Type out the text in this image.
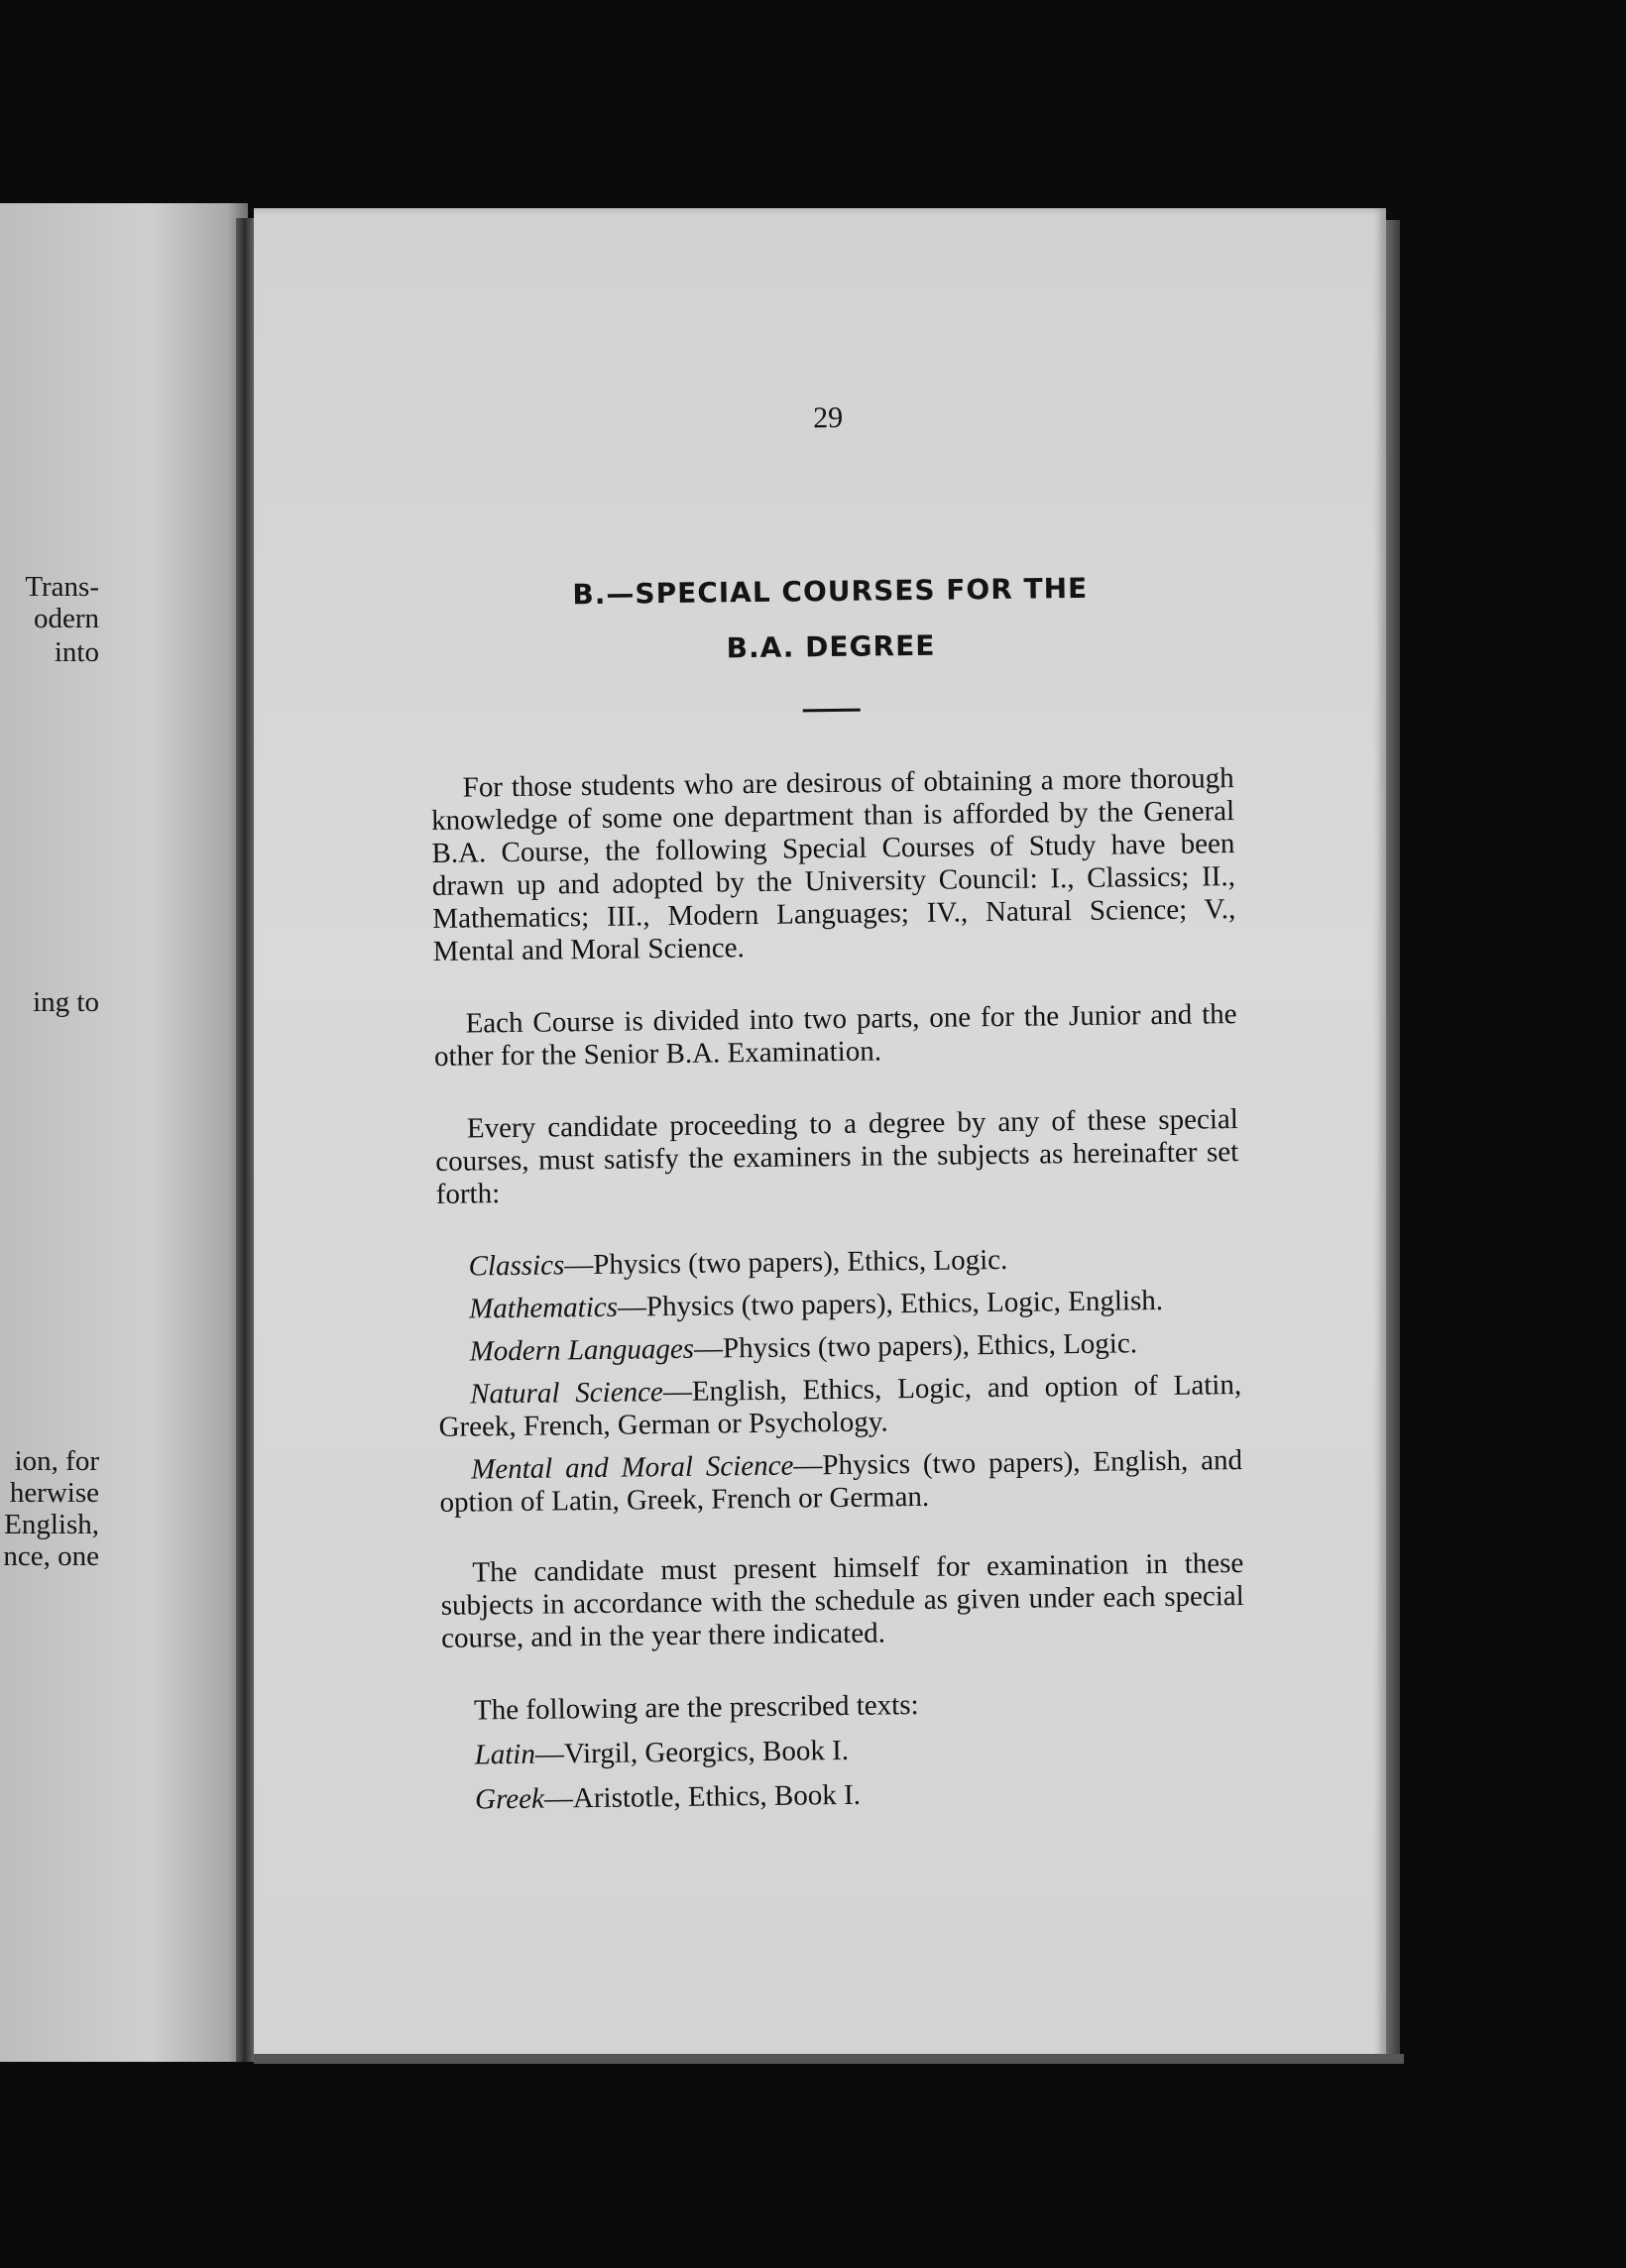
Trans-
odern
into
ing to
ion, for
herwise
English,
nce, one
29
B.—SPECIAL COURSES FOR THE
B.A. DEGREE

For those students who are desirous of obtaining a more thorough knowledge of some one department than is afforded by the General B.A. Course, the following Special Courses of Study have been drawn up and adopted by the University Council: I., Classics; II., Mathematics; III., Modern Languages; IV., Natural Science; V., Mental and Moral Science.

Each Course is divided into two parts, one for the Junior and the other for the Senior B.A. Examination.

Every candidate proceeding to a degree by any of these special courses, must satisfy the examiners in the subjects as hereinafter set forth:

Classics—Physics (two papers), Ethics, Logic.

Mathematics—Physics (two papers), Ethics, Logic, English.

Modern Languages—Physics (two papers), Ethics, Logic.

Natural Science—English, Ethics, Logic, and option of Latin, Greek, French, German or Psychology.

Mental and Moral Science—Physics (two papers), English, and option of Latin, Greek, French or German.

The candidate must present himself for examination in these subjects in accordance with the schedule as given under each special course, and in the year there indicated.

The following are the prescribed texts:

Latin—Virgil, Georgics, Book I.

Greek—Aristotle, Ethics, Book I.
